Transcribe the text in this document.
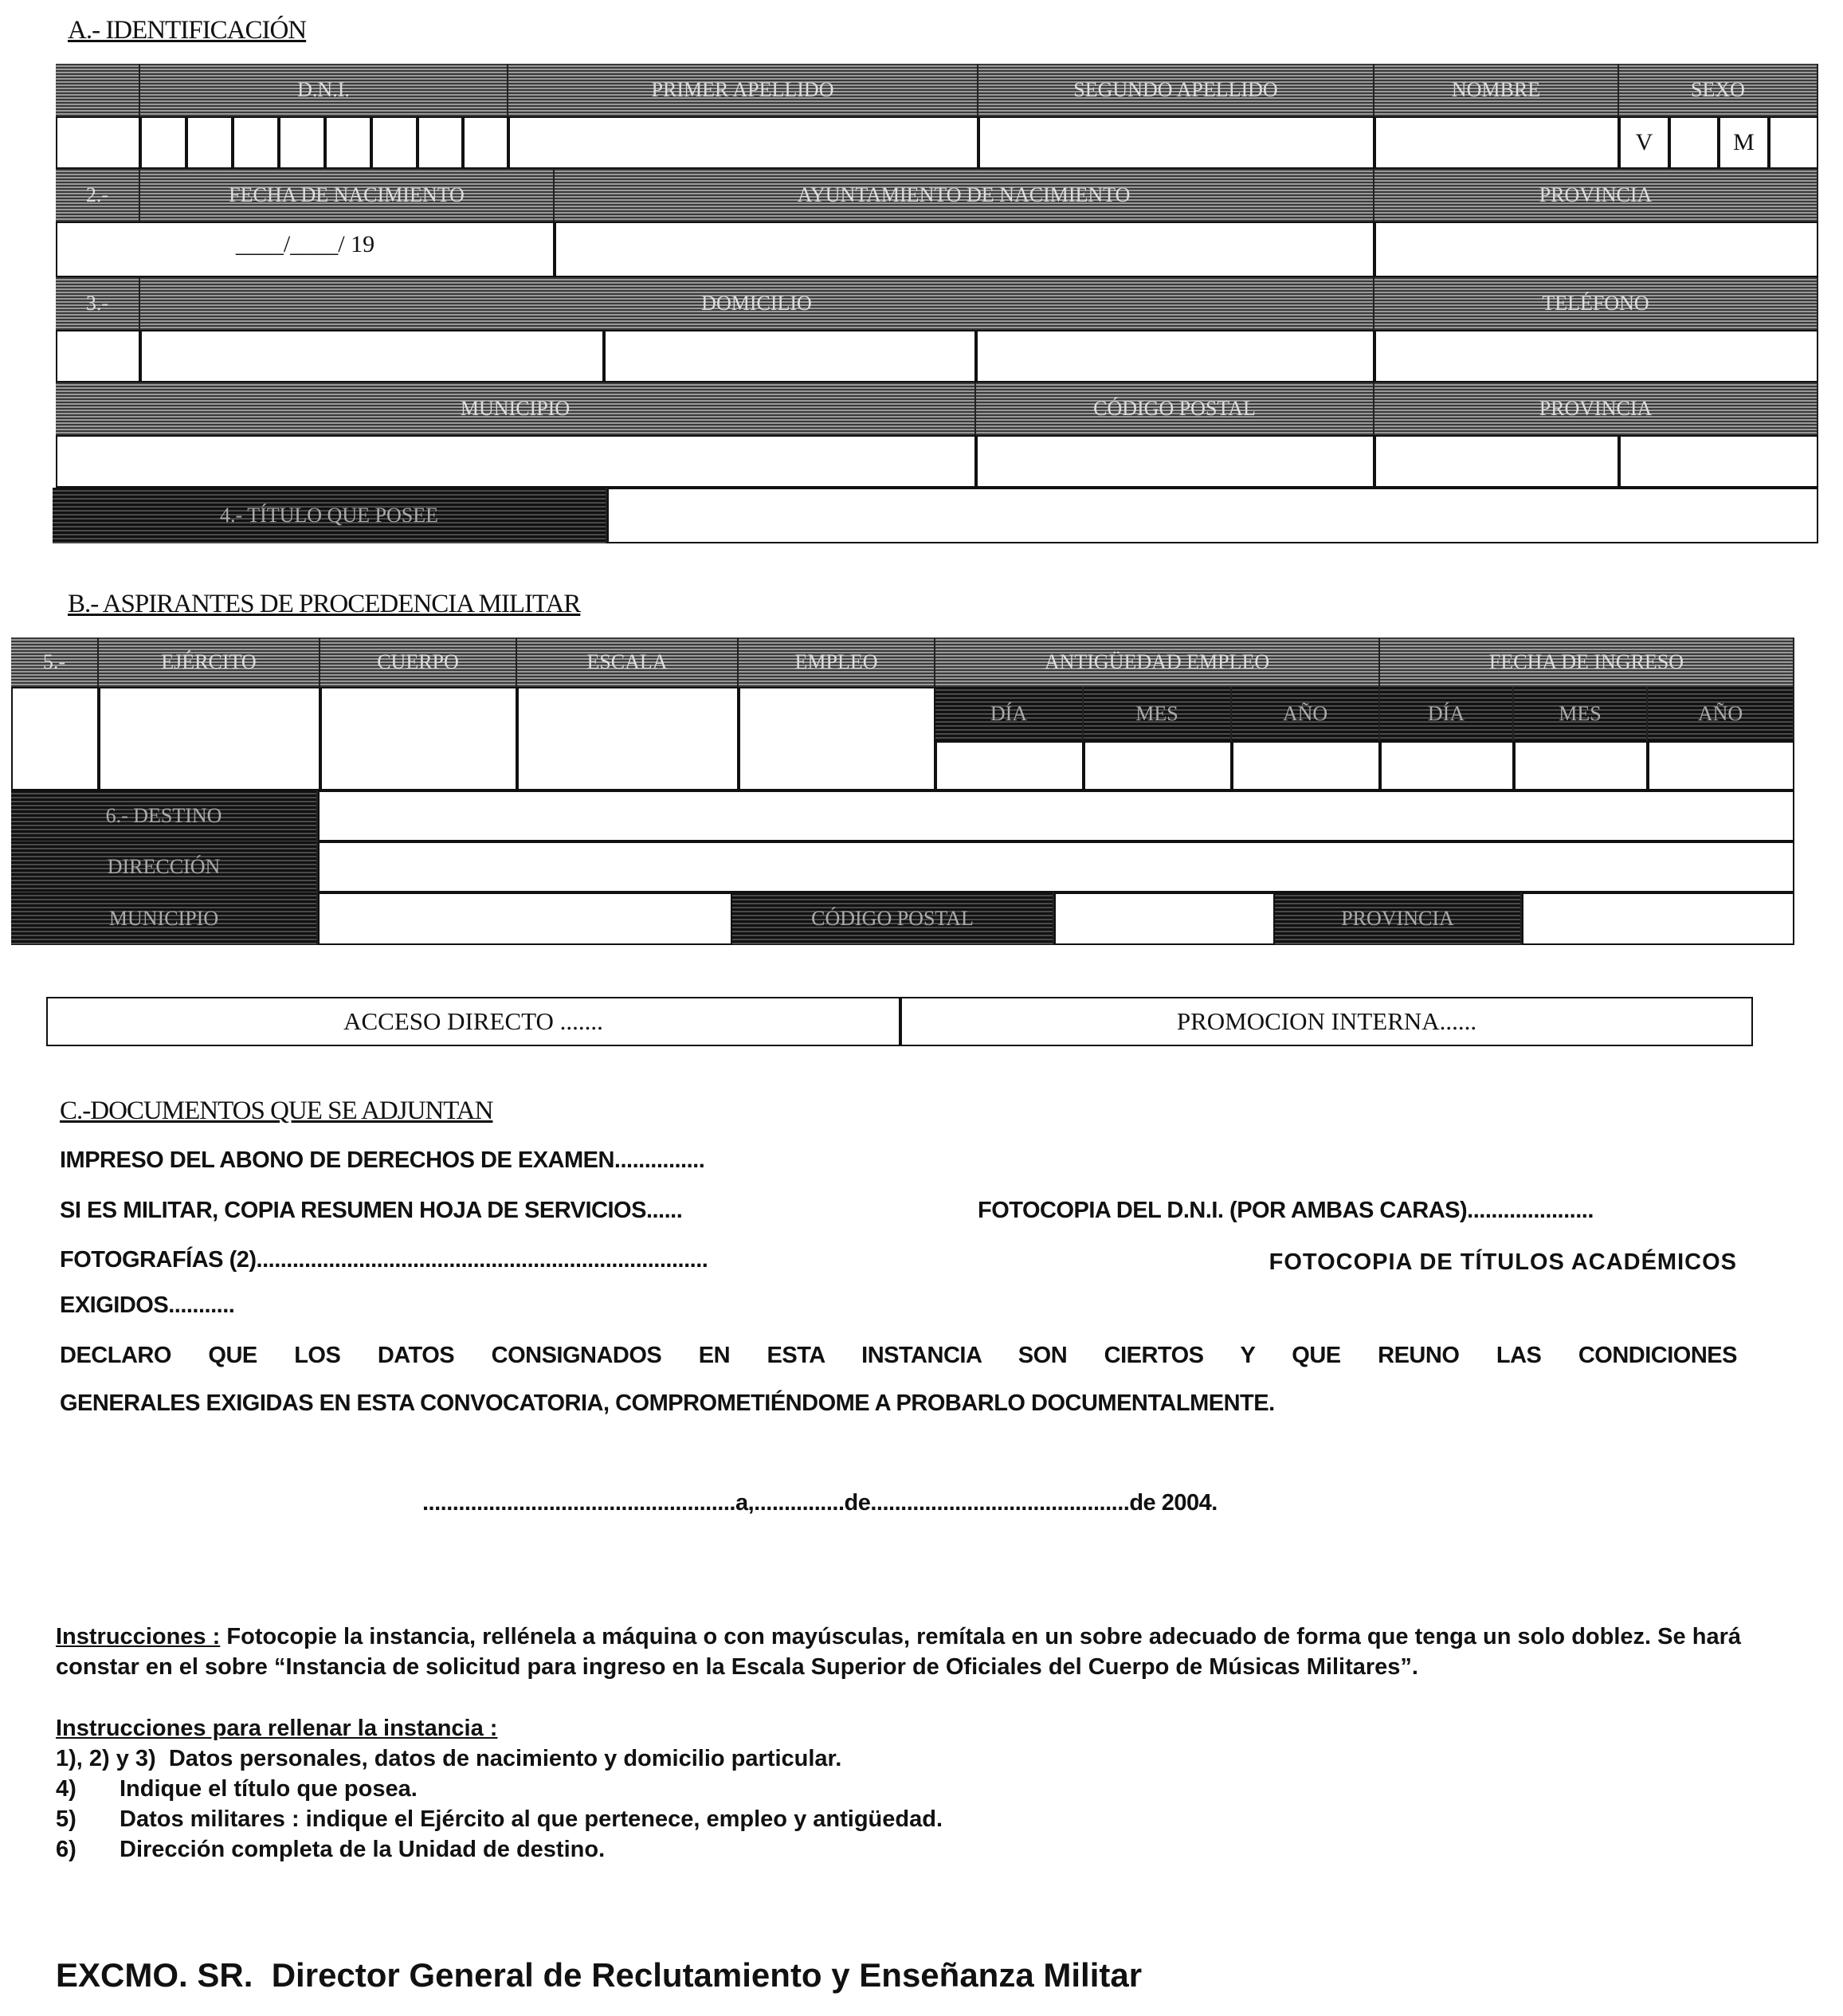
A.- IDENTIFICACIÓN
D.N.I.	PRIMER APELLIDO	SEGUNDO APELLIDO	NOMBRE	SEXO
V	M
2.-	FECHA DE NACIMIENTO	AYUNTAMIENTO DE NACIMIENTO	PROVINCIA
____/____/ 19
3.-	DOMICILIO	TELÉFONO
MUNICIPIO	CÓDIGO POSTAL	PROVINCIA
4.- TÍTULO QUE POSEE
B.- ASPIRANTES DE PROCEDENCIA MILITAR
5.-	EJÉRCITO	CUERPO	ESCALA	EMPLEO	ANTIGÜEDAD EMPLEO	FECHA DE INGRESO
DÍA	MES	AÑO	DÍA	MES	AÑO
6.- DESTINO
DIRECCIÓN
MUNICIPIO	CÓDIGO POSTAL	PROVINCIA
ACCESO DIRECTO .......	PROMOCION INTERNA......
C.-DOCUMENTOS QUE SE ADJUNTAN
IMPRESO DEL ABONO DE DERECHOS DE EXAMEN...............
SI ES MILITAR, COPIA RESUMEN HOJA DE SERVICIOS......	FOTOCOPIA DEL D.N.I. (POR AMBAS CARAS).....................
FOTOGRAFÍAS (2)...........................................................................	FOTOCOPIA DE TÍTULOS ACADÉMICOS
EXIGIDOS...........
DECLARO QUE LOS DATOS CONSIGNADOS EN ESTA INSTANCIA SON CIERTOS Y QUE REUNO LAS CONDICIONES
GENERALES EXIGIDAS EN ESTA CONVOCATORIA, COMPROMETIÉNDOME A PROBARLO DOCUMENTALMENTE.
....................................................a,...............de...........................................de 2004.
Instrucciones : Fotocopie la instancia, rellénela a máquina o con mayúsculas, remítala en un sobre adecuado de forma que tenga un solo doblez. Se hará constar en el sobre “Instancia de solicitud para ingreso en la Escala Superior de Oficiales del Cuerpo de Músicas Militares”.
Instrucciones para rellenar la instancia :
1), 2) y 3) Datos personales, datos de nacimiento y domicilio particular.
4) Indique el título que posea.
5) Datos militares : indique el Ejército al que pertenece, empleo y antigüedad.
6) Dirección completa de la Unidad de destino.
EXCMO. SR. Director General de Reclutamiento y Enseñanza Militar
